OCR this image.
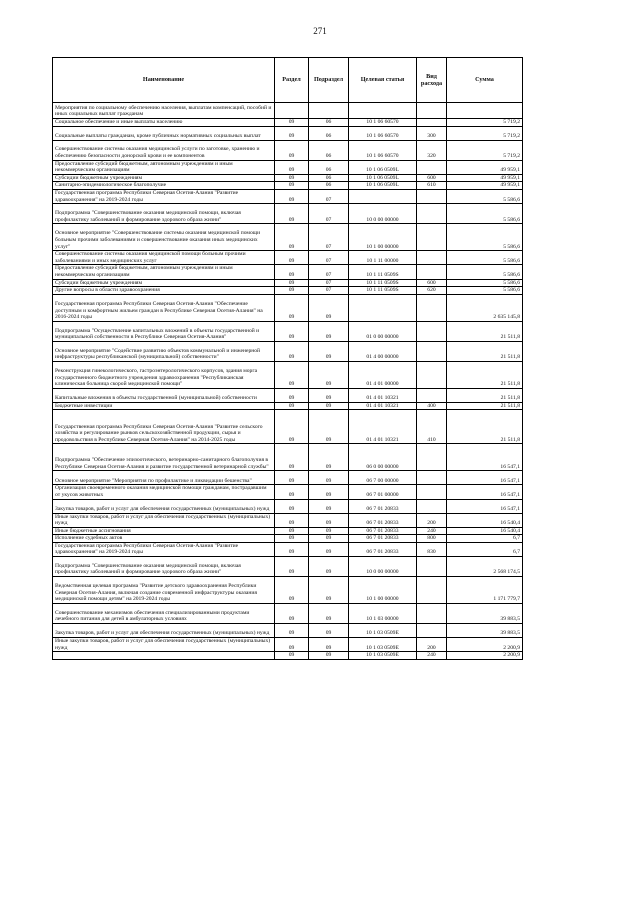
271
Наименование	Раздел	Подраздел	Целевая статья	Вид расхода	Сумма
Мероприятия по социальному обеспечению населения, выплатам компенсаций, пособий и иных социальных выплат гражданам					
Социальное обеспечение и иные выплаты населению	09	06	10 1 06 60570		5 719,2
Социальные выплаты гражданам, кроме публичных нормативных социальных выплат	09	06	10 1 06 60570	300	5 719,2
Совершенствование системы оказания медицинской услуги по заготовке, хранению и обеспечению безопасности донорской крови и ее компонентов	09	06	10 1 06 60570	320	5 719,2
Предоставление субсидий бюджетным, автономным учреждениям и иным некоммерческим организациям	09	06	10 1 06 0509L		49 959,1
Субсидии бюджетным учреждениям	09	06	10 1 06 0509L	600	49 959,1
Санитарно-эпидемиологическое благополучие	09	06	10 1 06 0509L	610	49 959,1
Государственная программа Республики Северная Осетия-Алания "Развитие здравоохранения" на 2019-2024 годы	09	07			5 586,6
Подпрограмма "Совершенствование оказания медицинской помощи, включая профилактику заболеваний и формирование здорового образа жизни"	09	07	10 0 00 00000		5 586,6
Основное мероприятие "Совершенствование системы оказания медицинской помощи больным прочими заболеваниями и совершенствование оказания иных медицинских услуг"	09	07	10 1 00 00000		5 586,6
Совершенствование системы оказания медицинской помощи больным прочими заболеваниями и иных медицинских услуг	09	07	10 1 11 00000		5 586,6
Предоставление субсидий бюджетным, автономным учреждениям и иным некоммерческим организациям	09	07	10 1 11 0509S		5 586,6
Субсидии бюджетным учреждениям	09	07	10 1 11 0509S	600	5 586,6
Другие вопросы в области здравоохранения	09	07	10 1 11 0509S	620	5 586,6
Государственная программа Республики Северная Осетия-Алания "Обеспечение доступным и комфортным жильем граждан в Республике Северная Осетия-Алания" на 2016-2024 годы	09	09			2 635 145,8
Подпрограмма "Осуществление капитальных вложений в объекты государственной и муниципальной собственности в Республике Северная Осетия-Алания"	09	09	01 0 00 00000		21 511,8
Основное мероприятие "Содействие развитию объектов коммунальной и инженерной инфраструктуры республиканской (муниципальной) собственности"	09	09	01 4 00 00000		21 511,8
Реконструкция гинекологического, гастроэнтерологического корпусов, здания морга государственного бюджетного учреждения здравоохранения "Республиканская клиническая больница скорой медицинской помощи"	09	09	01 4 01 00000		21 511,8
Капитальные вложения в объекты государственной (муниципальной) собственности	09	09	01 4 01 10321		21 511,8
Бюджетные инвестиции	09	09	01 4 01 10321	400	21 511,8
Государственная программа Республики Северная Осетия-Алания "Развитие сельского хозяйства и регулирование рынков сельскохозяйственной продукции, сырья и продовольствия в Республике Северная Осетия-Алания" на 2014-2025 годы	09	09	01 4 01 10321	410	21 511,8
Подпрограмма "Обеспечение эпизоотического, ветеринарно-санитарного благополучия в Республике Северная Осетия-Алания и развитие государственной ветеринарной службы"	09	09	06 0 00 00000		16 547,1
Основное мероприятие "Мероприятия по профилактике и ликвидации бешенства"	09	09	06 7 00 00000		16 547,1
Организация своевременного оказания медицинской помощи гражданам, пострадавшим от укусов животных	09	09	06 7 01 00000		16 547,1
Закупка товаров, работ и услуг для обеспечения государственных (муниципальных) нужд	09	09	06 7 01 20833		16 547,1
Иные закупки товаров, работ и услуг для обеспечения государственных (муниципальных) нужд	09	09	06 7 01 20833	200	16 540,4
Иные бюджетные ассигнования	09	09	06 7 01 20833	240	16 540,4
Исполнение судебных актов	09	09	06 7 01 20833	800	6,7
Государственная программа Республики Северная Осетия-Алания "Развитие здравоохранения" на 2019-2024 годы	09	09	06 7 01 20833	830	6,7
Подпрограмма "Совершенствование оказания медицинской помощи, включая профилактику заболеваний и формирование здорового образа жизни"	09	09	10 0 00 00000		2 568 174,5
Ведомственная целевая программа "Развитие детского здравоохранения Республики Северная Осетия-Алания, включая создание современной инфраструктуры оказания медицинской помощи детям" на 2019-2024 годы	09	09	10 1 00 00000		1 171 779,7
Совершенствование механизмов обеспечения специализированными продуктами лечебного питания для детей в амбулаторных условиях	09	09	10 1 03 00000		39 883,5
Закупка товаров, работ и услуг для обеспечения государственных (муниципальных) нужд	09	09	10 1 03 0509E		39 883,5
Иные закупки товаров, работ и услуг для обеспечения государственных (муниципальных) нужд	09	09	10 1 03 0509E	200	2 200,9
	09	09	10 1 03 0509E	240	2 200,9
